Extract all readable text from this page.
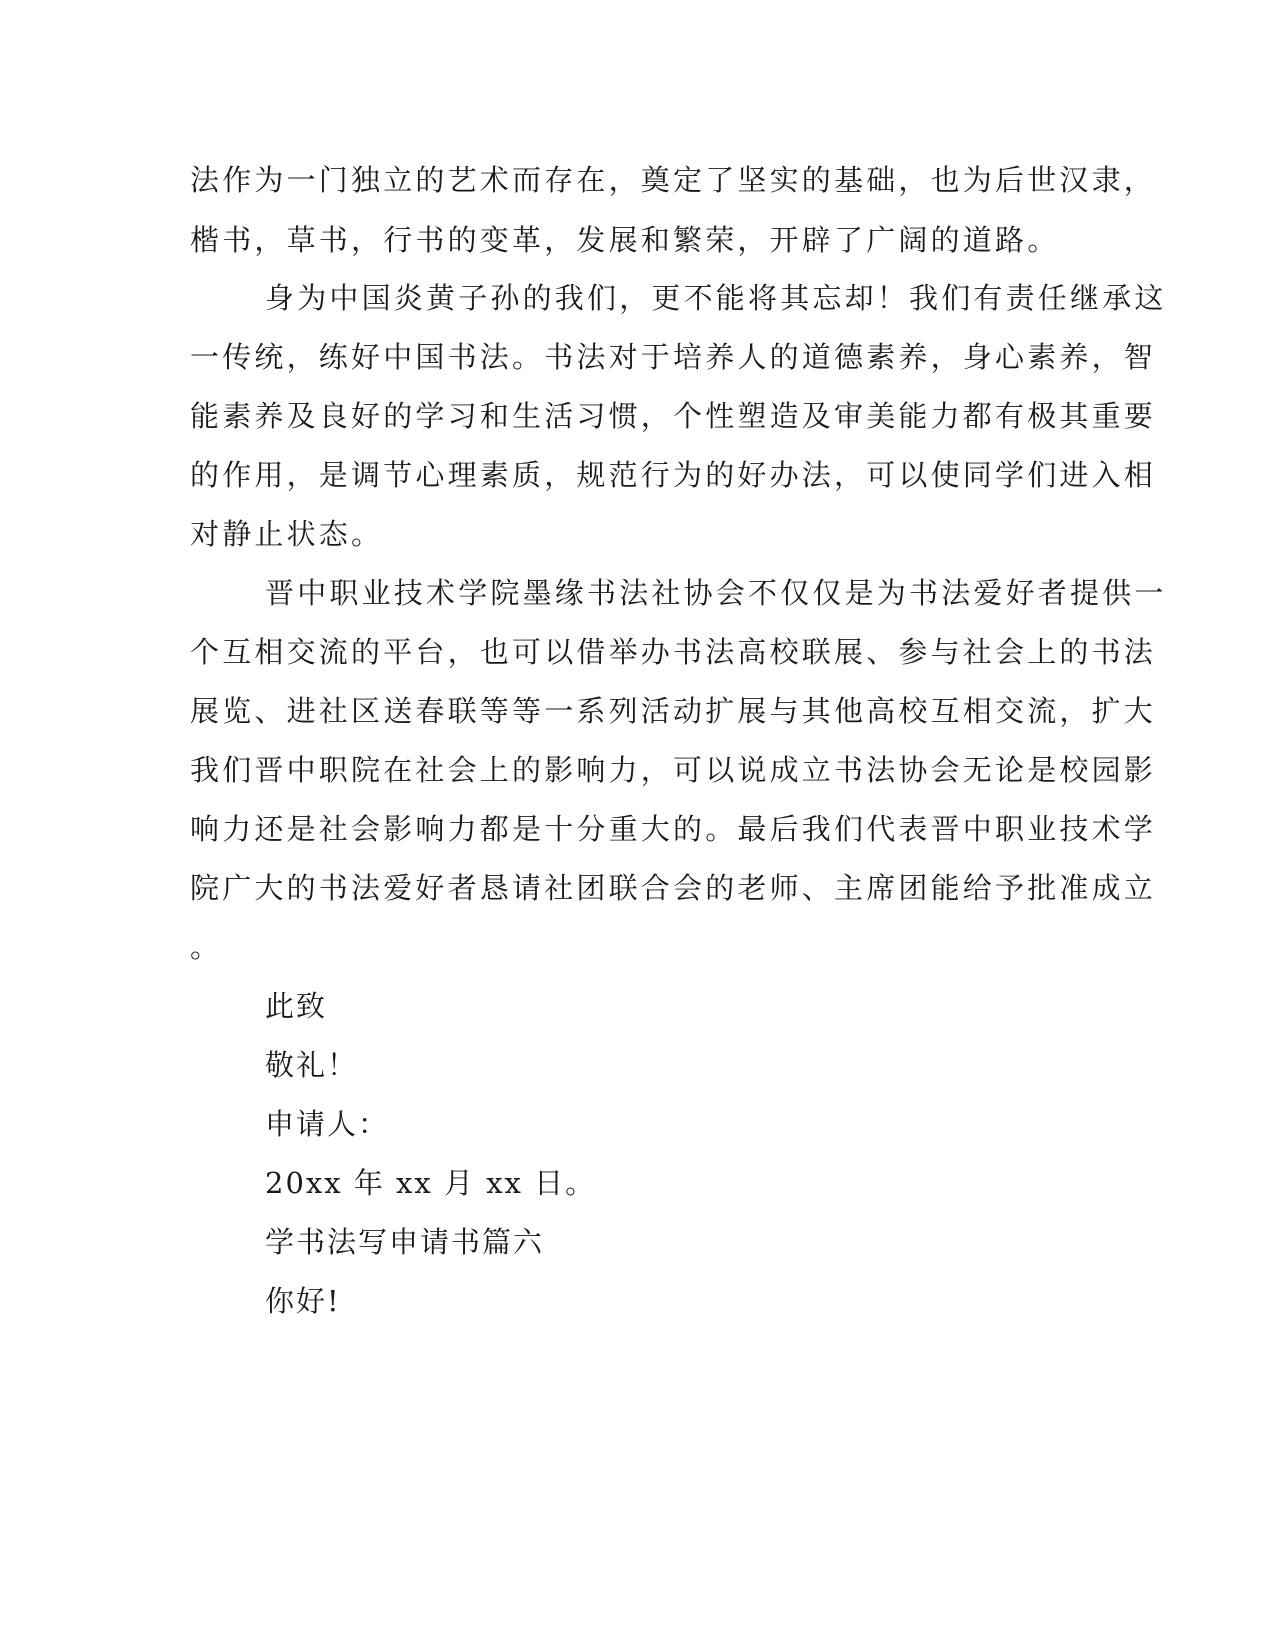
法作为一门独立的艺术而存在，奠定了坚实的基础，也为后世汉隶，
楷书，草书，行书的变革，发展和繁荣，开辟了广阔的道路。
身为中国炎黄子孙的我们，更不能将其忘却！我们有责任继承这
一传统，练好中国书法。书法对于培养人的道德素养，身心素养，智
能素养及良好的学习和生活习惯，个性塑造及审美能力都有极其重要
的作用，是调节心理素质，规范行为的好办法，可以使同学们进入相
对静止状态。
晋中职业技术学院墨缘书法社协会不仅仅是为书法爱好者提供一
个互相交流的平台，也可以借举办书法高校联展、参与社会上的书法
展览、进社区送春联等等一系列活动扩展与其他高校互相交流，扩大
我们晋中职院在社会上的影响力，可以说成立书法协会无论是校园影
响力还是社会影响力都是十分重大的。最后我们代表晋中职业技术学
院广大的书法爱好者恳请社团联合会的老师、主席团能给予批准成立
。
此致
敬礼！
申请人：
20xx 年 xx 月 xx 日。
学书法写申请书篇六
你好!
